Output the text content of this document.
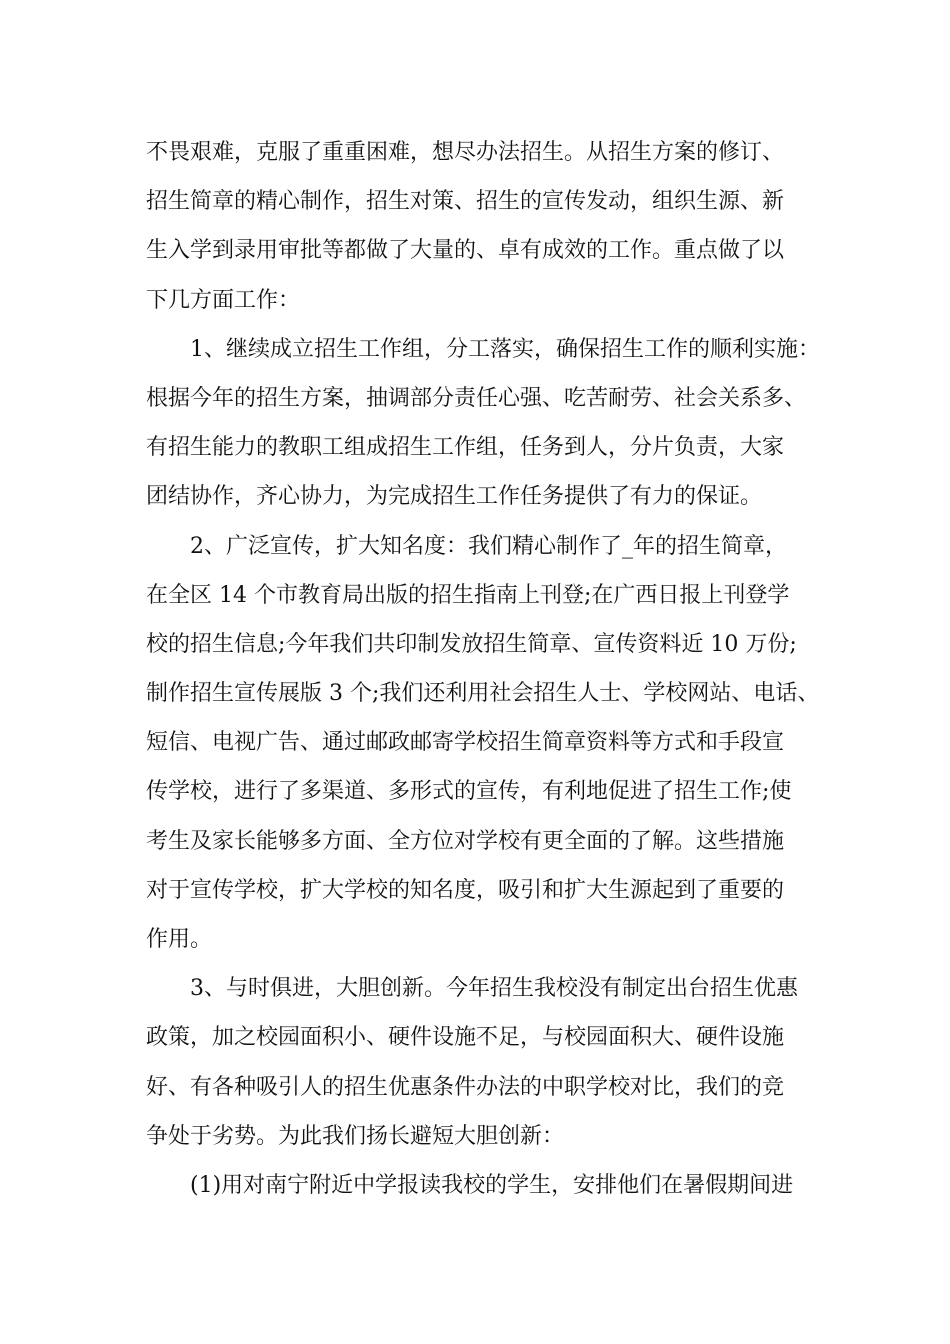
不畏艰难，克服了重重困难，想尽办法招生。从招生方案的修订、
招生简章的精心制作，招生对策、招生的宣传发动，组织生源、新
生入学到录用审批等都做了大量的、卓有成效的工作。重点做了以
下几方面工作：
1、继续成立招生工作组，分工落实，确保招生工作的顺利实施：
根据今年的招生方案，抽调部分责任心强、吃苦耐劳、社会关系多、
有招生能力的教职工组成招生工作组，任务到人，分片负责，大家
团结协作，齐心协力，为完成招生工作任务提供了有力的保证。
2、广泛宣传，扩大知名度：我们精心制作了_年的招生简章，
在全区 14 个市教育局出版的招生指南上刊登;在广西日报上刊登学
校的招生信息;今年我们共印制发放招生简章、宣传资料近 10 万份;
制作招生宣传展版 3 个;我们还利用社会招生人士、学校网站、电话、
短信、电视广告、通过邮政邮寄学校招生简章资料等方式和手段宣
传学校，进行了多渠道、多形式的宣传，有利地促进了招生工作;使
考生及家长能够多方面、全方位对学校有更全面的了解。这些措施
对于宣传学校，扩大学校的知名度，吸引和扩大生源起到了重要的
作用。
3、与时俱进，大胆创新。今年招生我校没有制定出台招生优惠
政策，加之校园面积小、硬件设施不足，与校园面积大、硬件设施
好、有各种吸引人的招生优惠条件办法的中职学校对比，我们的竞
争处于劣势。为此我们扬长避短大胆创新：
(1)用对南宁附近中学报读我校的学生，安排他们在暑假期间进
